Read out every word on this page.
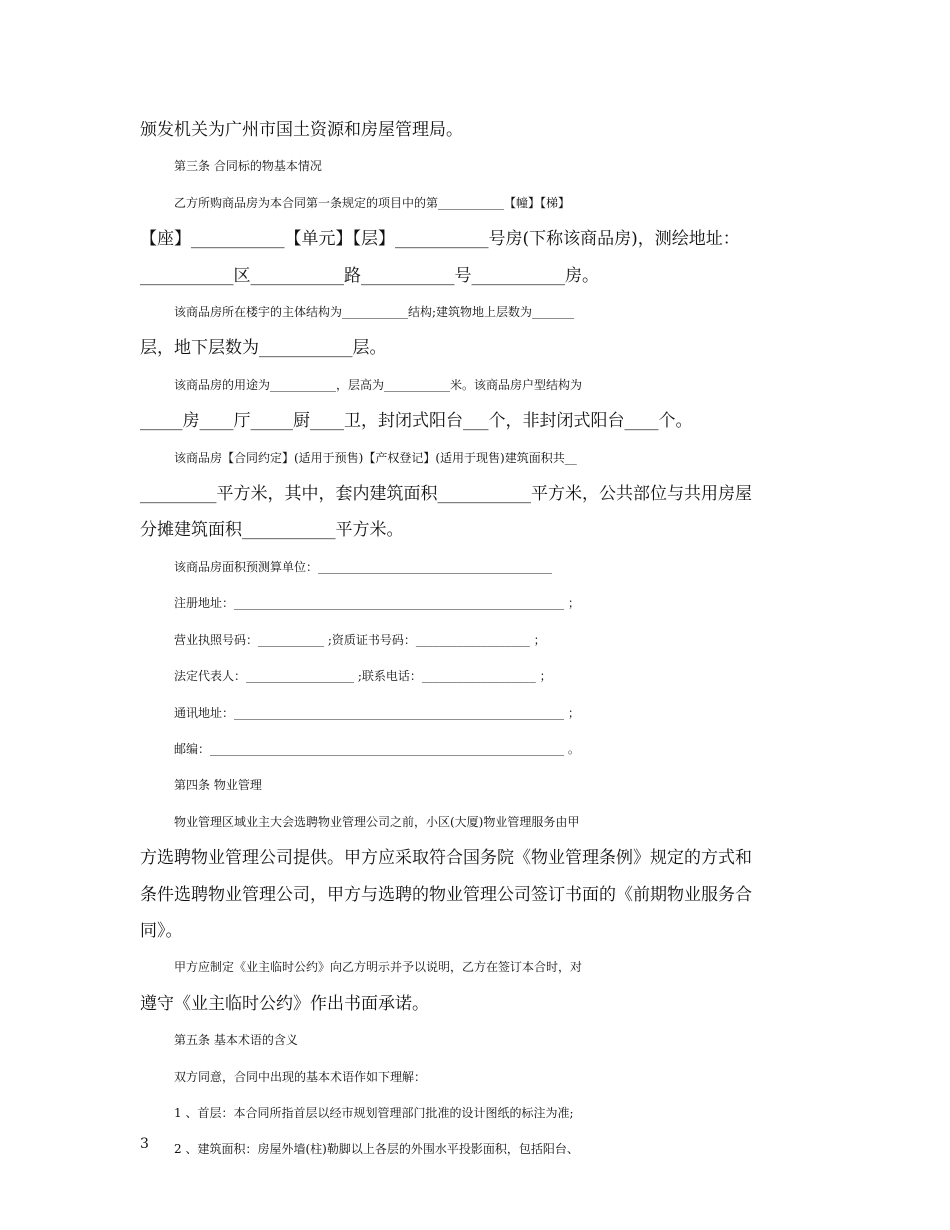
颁发机关为广州市国土资源和房屋管理局。
第三条 合同标的物基本情况
乙方所购商品房为本合同第一条规定的项目中的第___________【幢】【梯】
【座】___________【单元】【层】___________号房(下称该商品房)，测绘地址：
___________区___________路___________号___________房。
该商品房所在楼宇的主体结构为___________结构;建筑物地上层数为_______
层，地下层数为___________层。
该商品房的用途为___________，层高为___________米。该商品房户型结构为
_____房____厅_____厨____卫，封闭式阳台___个，非封闭式阳台____个。
该商品房【合同约定】(适用于预售)【产权登记】(适用于现售)建筑面积共__
_________平方米，其中，套内建筑面积___________平方米，公共部位与共用房屋
分摊建筑面积___________平方米。
该商品房面积预测算单位：_______________________________________
注册地址：_______________________________________________________ ；
营业执照号码：___________ ;资质证书号码：___________________ ；
法定代表人：__________________ ;联系电话：___________________ ；
通讯地址：_______________________________________________________ ；
邮编：___________________________________________________________ 。
第四条 物业管理
物业管理区域业主大会选聘物业管理公司之前，小区(大厦)物业管理服务由甲
方选聘物业管理公司提供。甲方应采取符合国务院《物业管理条例》规定的方式和
条件选聘物业管理公司，甲方与选聘的物业管理公司签订书面的《前期物业服务合
同》。
甲方应制定《业主临时公约》向乙方明示并予以说明，乙方在签订本合时，对
遵守《业主临时公约》作出书面承诺。
第五条 基本术语的含义
双方同意，合同中出现的基本术语作如下理解：
1 、首层：本合同所指首层以经市规划管理部门批准的设计图纸的标注为准;
2 、建筑面积：房屋外墙(柱)勒脚以上各层的外围水平投影面积，包括阳台、
3
